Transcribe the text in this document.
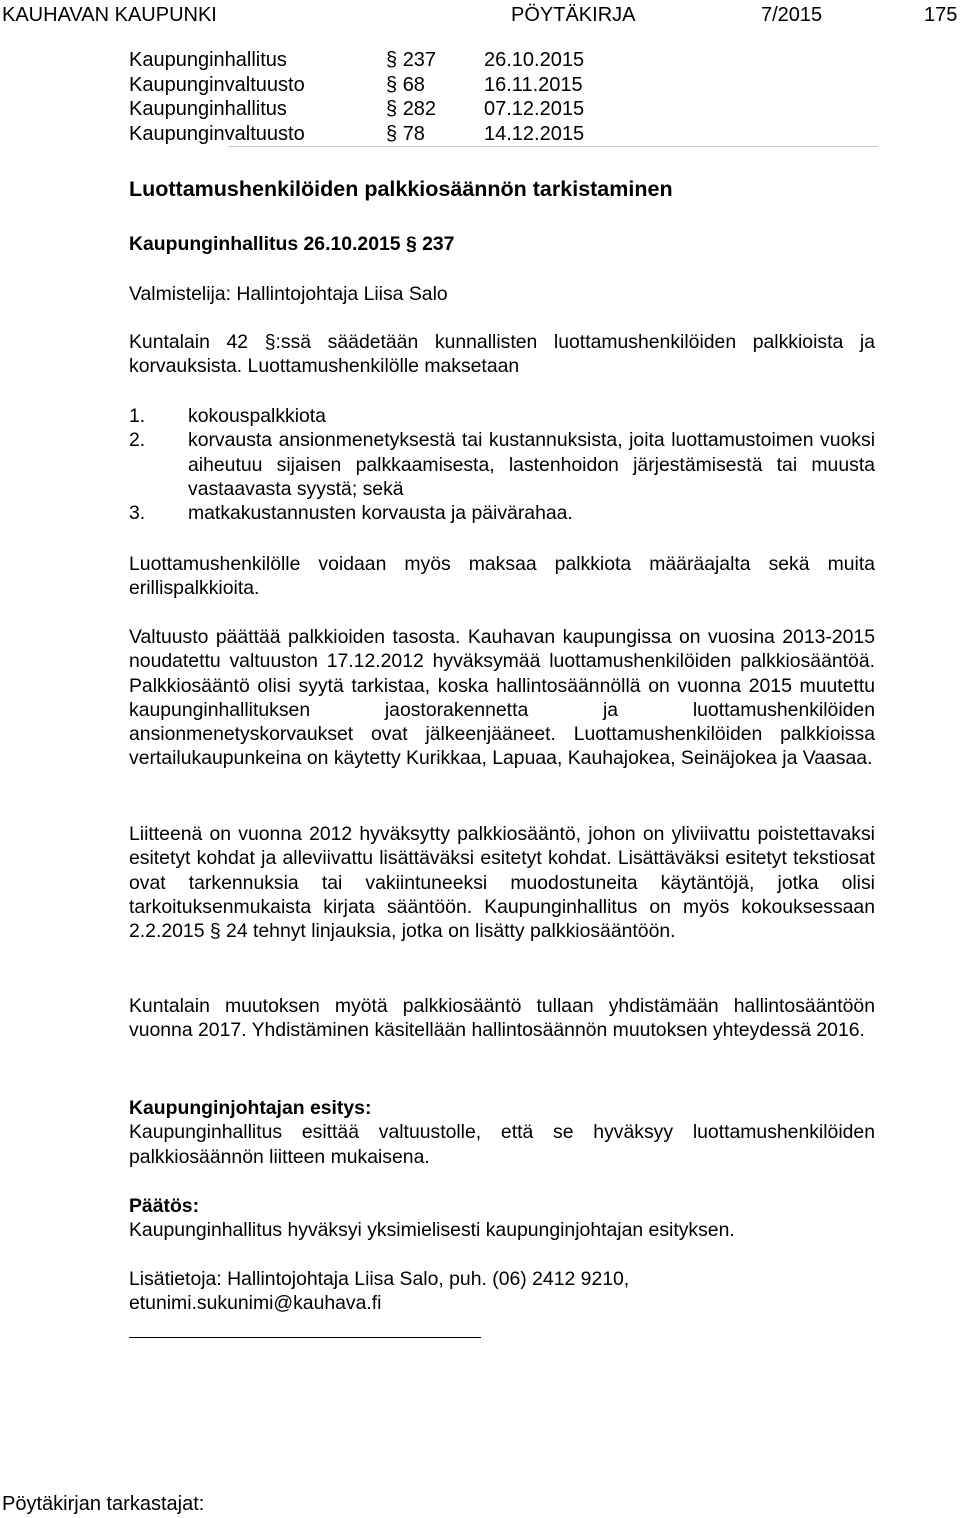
KAUHAVAN KAUPUNKI	PÖYTÄKIRJA	7/2015	175
Kaupunginhallitus	§ 237 26.10.2015
Kaupunginvaltuusto	§ 68	16.11.2015
Kaupunginhallitus	§ 282 07.12.2015
Kaupunginvaltuusto	§ 78	14.12.2015
Luottamushenkilöiden palkkiosäännön tarkistaminen
Kaupunginhallitus 26.10.2015 § 237
Valmistelija: Hallintojohtaja Liisa Salo
Kuntalain 42 §:ssä säädetään kunnallisten luottamushenkilöiden palkkioista ja korvauksista. Luottamushenkilölle maksetaan
1. kokouspalkkiota
2. korvausta ansionmenetyksestä tai kustannuksista, joita luottamustoimen vuoksi aiheutuu sijaisen palkkaamisesta, lastenhoidon järjestämisestä tai muusta vastaavasta syystä; sekä
3. matkakustannusten korvausta ja päivärahaa.
Luottamushenkilölle voidaan myös maksaa palkkiota määräajalta sekä muita erillispalkkioita.
Valtuusto päättää palkkioiden tasosta. Kauhavan kaupungissa on vuosina 2013-2015 noudatettu valtuuston 17.12.2012 hyväksymää luottamushenkilöiden palkkiosääntöä. Palkkiosääntö olisi syytä tarkistaa, koska hallintosäännöllä on vuonna 2015 muutettu kaupunginhallituksen jaostorakennetta ja luottamushenkilöiden ansionmenetyskorvaukset ovat jälkeenjääneet. Luottamushenkilöiden palkkioissa vertailukaupunkeina on käytetty Kurikkaa, Lapuaa, Kauhajokea, Seinäjokea ja Vaasaa.
Liitteenä on vuonna 2012 hyväksytty palkkiosääntö, johon on yliviivattu poistettavaksi esitetyt kohdat ja alleviivattu lisättäväksi esitetyt kohdat. Lisättäväksi esitetyt tekstiosat ovat tarkennuksia tai vakiintuneeksi muodostuneita käytäntöjä, jotka olisi tarkoituksenmukaista kirjata sääntöön. Kaupunginhallitus on myös kokouksessaan 2.2.2015 § 24 tehnyt linjauksia, jotka on lisätty palkkiosääntöön.
Kuntalain muutoksen myötä palkkiosääntö tullaan yhdistämään hallintosääntöön vuonna 2017. Yhdistäminen käsitellään hallintosäännön muutoksen yhteydessä 2016.
Kaupunginjohtajan esitys:
Kaupunginhallitus esittää valtuustolle, että se hyväksyy luottamushenkilöiden palkkiosäännön liitteen mukaisena.
Päätös:
Kaupunginhallitus hyväksyi yksimielisesti kaupunginjohtajan esityksen.
Lisätietoja: Hallintojohtaja Liisa Salo, puh. (06) 2412 9210,
etunimi.sukunimi@kauhava.fi
Pöytäkirjan tarkastajat:
